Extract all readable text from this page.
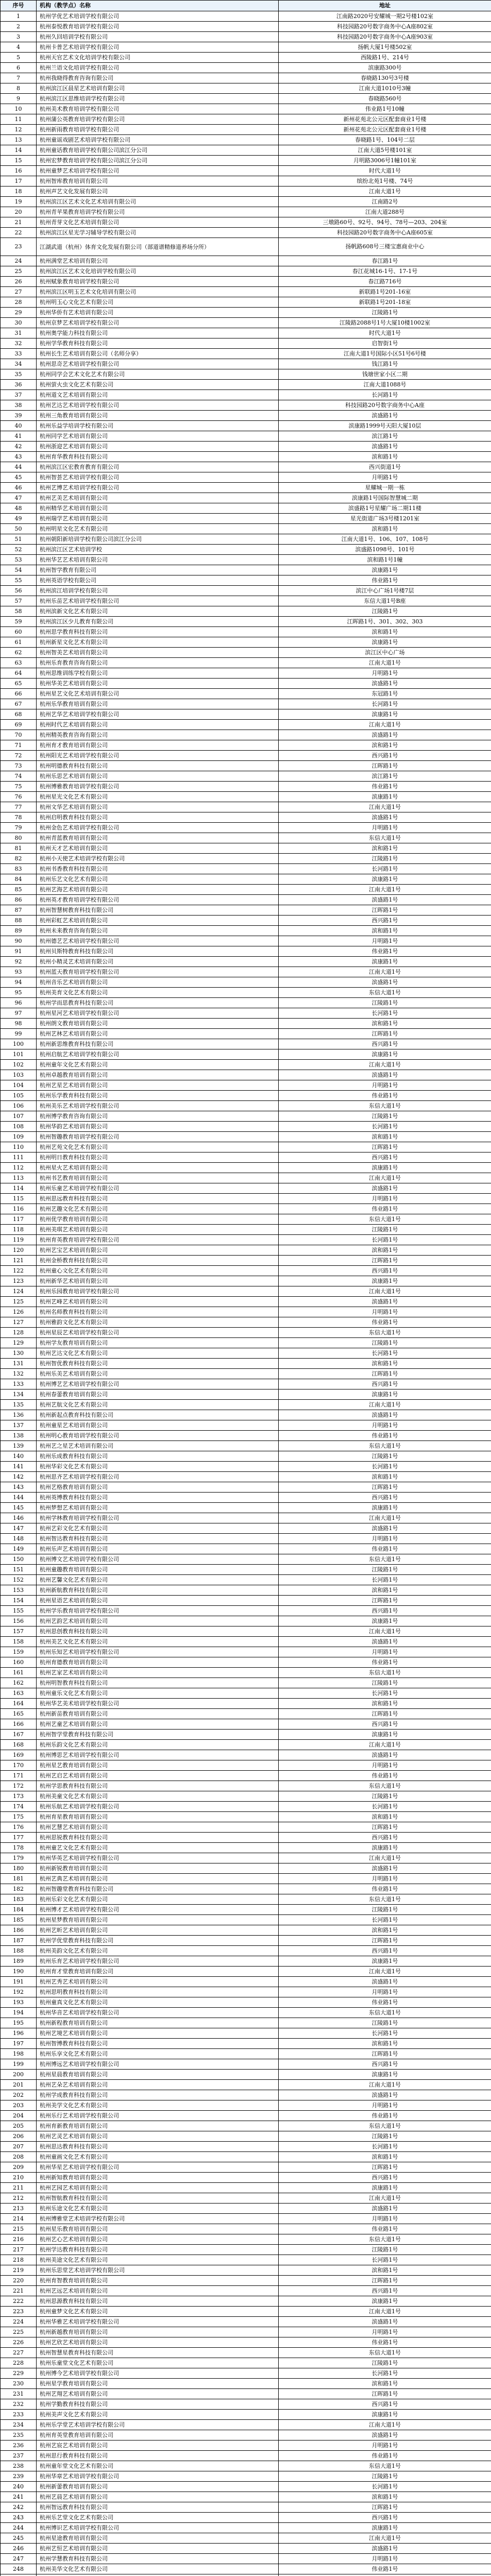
序号	机构（教学点）名称	地址
1	杭州学优艺术培训学校有限公司	江南路2020号安耀城一期2号楼102室
2	杭州泰悦教育培训学校有限公司	科技园路20号数字商务中心A座802室
3	杭州久回培训学校有限公司	科技园路20号数字商务中心A座903室
4	杭州卡普艺术培训学校有限公司	扬帆大厦1号楼502室
5	杭州天官艺术文化培训学校有限公司	西陵路1号、214号
6	杭州兰语文化培训学校有限公司	滨康路300号
7	杭州我晓得教育咨询有限公司	春晓路130号3号楼
8	杭州滨江区晨星艺术培训有限公司	江南大道1010号3幢
9	杭州滨江区思维培训学校有限公司	春晓路560号
10	杭州美术教育培训学校有限公司	伟业路1号10幢
11	杭州蒲公英教育培训学校有限公司	新州花苑北公元区配套商业1号楼
12	杭州新雨教育培训学校有限公司	新州花苑北公元区配套商业1号楼
13	杭州童谣戏剧艺术培训学校有限公司	春晓路1号、104号二层
14	杭州童话教育培训学校有限公司滨江分公司	江南大道5号楼101室
15	杭州宏梦教育培训学校有限公司滨江分公司	月明路3006号1幢101室
16	杭州童梦艺术培训学校有限公司	时代大道1号
17	杭州智库教育培训有限公司	缤纷北苑1号楼、74号
18	杭州声艺文化发展有限公司	江南大道1号
19	杭州滨江区艺术文化艺术培训有限公司	江南路2号
20	杭州青苹果教育培训学校有限公司	江南大道288号
21	杭州青芽文化艺术培训有限公司	三墩路60号、92号、94号、78号—203、204室
22	杭州滨江区星光学习辅导学校有限公司	科技园路20号数字商务中心A座605室
23	江湖武道（杭州）体育文化发展有限公司（部道谱精修道养场分所）	扬帆路608号三楼宝惠商业中心
24	杭州满堂艺术培训有限公司	春江路1号
25	杭州滨江区艺术文化培训学校有限公司	春江花城16-1号、17-1号
26	杭州赋象教育培训学校有限公司	春江路716号
27	杭州滨江区明玉艺术文化培训有限公司	新联路1号201-16室
28	杭州明玉心文化艺术有限公司	新联路1号201-18室
29	杭州华侨有艺术培训有限公司	江陵路1号
30	杭州京梦艺术培训学校有限公司	江陵路2088号1号大厦10楼1002室
31	杭州奥学能力科技有限公司	时代大道1号
32	杭州学华教育科技有限公司	启智街1号
33	杭州长生艺术培训有限公司（名师分享）	江南大道1号国际小区51号6号楼
34	杭州思奇艺术培训学校有限公司	钱江路1号
35	杭州同学会艺术文化艺术有限公司	钱塘世家小区二期
36	杭州萤火虫文化艺术有限公司	江南大道1088号
37	杭州道文艺术培训有限公司	长河路1号
38	杭州艺达艺术培训学校有限公司	科技园路20号数字商务中心A座
39	杭州三角教育培训有限公司	滨盛路1号
40	杭州乐益学培训学校有限公司	滨康路1999号天阳大厦10层
41	杭州同学艺术培训有限公司	滨江路1号
42	杭州浙迎艺术培训有限公司	滨盛路1号
43	杭州育华教育科技有限公司	滨和路1号
44	杭州滨江区宏教育教育有限公司	西兴街道1号
45	杭州智荟艺术培训学校有限公司	月明路1号
46	杭州艺博艺术培训学校有限公司	星耀城一期一栋
47	杭州艺美艺术培训有限公司	滨康路1号国际智慧城二期
48	杭州精华艺术培训有限公司	滨盛路1号星耀广场二期11楼
49	杭州瑞学艺术培训有限公司	星光街道广场3号楼1201室
50	杭州明星文化艺术有限公司	滨和路1号
51	杭州朝阳新培训学校有限公司滨江分公司	江南大道1号、106、107、108号
52	杭州滨江区艺术培训学校	滨盛路1098号、101号
53	杭州华艺艺术培训有限公司	滨和路1号1幢
54	杭州智学教育有限公司	滨康路1号
55	杭州英语学校有限公司	伟业路1号
56	杭州滨江培训学校有限公司	滨江中心广场1号楼7层
57	杭州乐苗艺术培训学校有限公司	东信大道1号B座
58	杭州滨新文化艺术有限公司	江陵路1号
59	杭州滨江区少儿教育有限公司	江晖路1号、301、302、303
60	杭州思学教育科技有限公司	滨和路1号
61	杭州新星文化艺术有限公司	滨康路1号
62	杭州智美艺术培训有限公司	滨江区中心广场
63	杭州乐育教育咨询有限公司	江南大道1号
64	杭州思维训练学校有限公司	月明路1号
65	杭州华美艺术培训有限公司	滨盛路1号
66	杭州星艺文化艺术培训有限公司	东冠路1号
67	杭州乐华教育培训有限公司	长河路1号
68	杭州艺华艺术培训学校有限公司	滨康路1号
69	杭州时代艺术培训有限公司	江南大道1号
70	杭州精英教育咨询有限公司	滨盛路1号
71	杭州育才教育培训有限公司	滨和路1号
72	杭州阳光艺术培训学校有限公司	西兴路1号
73	杭州明德教育科技有限公司	江晖路1号
74	杭州乐思艺术培训有限公司	滨江路1号
75	杭州博雅教育培训学校有限公司	伟业路1号
76	杭州星光文化艺术有限公司	滨康路1号
77	杭州文华艺术培训有限公司	江南大道1号
78	杭州启明教育科技有限公司	滨盛路1号
79	杭州金色艺术培训学校有限公司	月明路1号
80	杭州青蓝教育培训有限公司	东信大道1号
81	杭州天才艺术培训有限公司	滨和路1号
82	杭州小天使艺术培训学校有限公司	江陵路1号
83	杭州书香教育科技有限公司	长河路1号
84	杭州乐艺文化艺术有限公司	滨康路1号
85	杭州艺海艺术培训有限公司	江南大道1号
86	杭州英才教育培训学校有限公司	滨盛路1号
87	杭州智慧树教育科技有限公司	江晖路1号
88	杭州彩虹艺术培训有限公司	西兴路1号
89	杭州未来教育咨询有限公司	滨和路1号
90	杭州德艺艺术培训学校有限公司	月明路1号
91	杭州贝斯特教育科技有限公司	伟业路1号
92	杭州小精灵艺术培训有限公司	滨康路1号
93	杭州蓝天教育培训学校有限公司	江南大道1号
94	杭州音乐艺术培训有限公司	滨盛路1号
95	杭州美育文化艺术有限公司	东信大道1号
96	杭州学而思教育科技有限公司	江陵路1号
97	杭州星河艺术培训学校有限公司	长河路1号
98	杭州朗文教育培训有限公司	滨和路1号
99	杭州艺林艺术培训有限公司	江晖路1号
100	杭州新思维教育科技有限公司	西兴路1号
101	杭州启航艺术培训学校有限公司	滨康路1号
102	杭州童年文化艺术有限公司	江南大道1号
103	杭州卓越教育培训有限公司	滨盛路1号
104	杭州艺星艺术培训有限公司	月明路1号
105	杭州乐学教育科技有限公司	伟业路1号
106	杭州美乐艺术培训学校有限公司	东信大道1号
107	杭州博学教育咨询有限公司	江陵路1号
108	杭州华韵艺术培训有限公司	长河路1号
109	杭州智趣教育培训学校有限公司	滨和路1号
110	杭州艺苑文化艺术有限公司	江晖路1号
111	杭州明日教育科技有限公司	西兴路1号
112	杭州星火艺术培训有限公司	滨康路1号
113	杭州书艺教育培训有限公司	江南大道1号
114	杭州乐童艺术培训学校有限公司	滨盛路1号
115	杭州思远教育科技有限公司	月明路1号
116	杭州艺趣文化艺术有限公司	伟业路1号
117	杭州优学教育培训有限公司	东信大道1号
118	杭州美琪艺术培训有限公司	江陵路1号
119	杭州育英教育培训学校有限公司	长河路1号
120	杭州艺宝艺术培训有限公司	滨和路1号
121	杭州金桥教育科技有限公司	江晖路1号
122	杭州童心文化艺术有限公司	西兴路1号
123	杭州新华艺术培训有限公司	滨康路1号
124	杭州乐园教育培训学校有限公司	江南大道1号
125	杭州艺峰艺术培训有限公司	滨盛路1号
126	杭州名师教育科技有限公司	月明路1号
127	杭州雅韵文化艺术有限公司	伟业路1号
128	杭州星辰艺术培训学校有限公司	东信大道1号
129	杭州学友教育培训有限公司	江陵路1号
130	杭州艺达文化艺术有限公司	长河路1号
131	杭州智优教育科技有限公司	滨和路1号
132	杭州乐美艺术培训有限公司	江晖路1号
133	杭州博艺艺术培训学校有限公司	西兴路1号
134	杭州春蕾教育培训有限公司	滨康路1号
135	杭州艺航文化艺术有限公司	江南大道1号
136	杭州新起点教育科技有限公司	滨盛路1号
137	杭州童星艺术培训有限公司	月明路1号
138	杭州明心教育培训学校有限公司	伟业路1号
139	杭州艺之星艺术培训有限公司	东信大道1号
140	杭州乐成教育科技有限公司	江陵路1号
141	杭州华彩文化艺术有限公司	长河路1号
142	杭州思齐艺术培训学校有限公司	滨和路1号
143	杭州艺格教育培训有限公司	江晖路1号
144	杭州英博教育科技有限公司	西兴路1号
145	杭州梦想艺术培训有限公司	滨康路1号
146	杭州学林教育培训学校有限公司	江南大道1号
147	杭州艺彩文化艺术有限公司	滨盛路1号
148	杭州智达教育科技有限公司	月明路1号
149	杭州乐声艺术培训有限公司	伟业路1号
150	杭州博文艺术培训学校有限公司	东信大道1号
151	杭州童趣教育培训有限公司	江陵路1号
152	杭州艺馨文化艺术有限公司	长河路1号
153	杭州新航教育科技有限公司	滨和路1号
154	杭州星语艺术培训有限公司	江晖路1号
155	杭州学乐教育培训学校有限公司	西兴路1号
156	杭州艺韵艺术培训有限公司	滨康路1号
157	杭州思创教育科技有限公司	江南大道1号
158	杭州美艺文化艺术有限公司	滨盛路1号
159	杭州乐知艺术培训学校有限公司	月明路1号
160	杭州育德教育培训有限公司	伟业路1号
161	杭州艺家艺术培训有限公司	东信大道1号
162	杭州明智教育科技有限公司	江陵路1号
163	杭州童乐文化艺术有限公司	长河路1号
164	杭州华艺美术培训学校有限公司	滨和路1号
165	杭州新苗教育培训有限公司	江晖路1号
166	杭州艺童艺术培训有限公司	西兴路1号
167	杭州智学堂教育科技有限公司	滨康路1号
168	杭州乐韵文化艺术有限公司	江南大道1号
169	杭州博思艺术培训学校有限公司	滨盛路1号
170	杭州星艺教育培训有限公司	月明路1号
171	杭州艺启艺术培训有限公司	伟业路1号
172	杭州学思教育科技有限公司	东信大道1号
173	杭州美童文化艺术有限公司	江陵路1号
174	杭州乐航艺术培训学校有限公司	长河路1号
175	杭州育星教育培训有限公司	滨和路1号
176	杭州艺慧艺术培训有限公司	江晖路1号
177	杭州思锐教育科技有限公司	西兴路1号
178	杭州童艺文化艺术有限公司	滨康路1号
179	杭州华英艺术培训学校有限公司	江南大道1号
180	杭州新锐教育培训有限公司	滨盛路1号
181	杭州艺典艺术培训有限公司	月明路1号
182	杭州智趣堂教育科技有限公司	伟业路1号
183	杭州乐彩文化艺术有限公司	东信大道1号
184	杭州博才艺术培训学校有限公司	江陵路1号
185	杭州星梦教育培训有限公司	长河路1号
186	杭州艺昕艺术培训有限公司	滨和路1号
187	杭州学优堂教育科技有限公司	江晖路1号
188	杭州美韵文化艺术有限公司	西兴路1号
189	杭州乐育艺术培训学校有限公司	滨康路1号
190	杭州育才堂教育培训有限公司	江南大道1号
191	杭州艺秀艺术培训有限公司	滨盛路1号
192	杭州思明教育科技有限公司	月明路1号
193	杭州童真文化艺术有限公司	伟业路1号
194	杭州华音艺术培训学校有限公司	东信大道1号
195	杭州新程教育培训有限公司	江陵路1号
196	杭州艺境艺术培训有限公司	长河路1号
197	杭州智博教育科技有限公司	滨和路1号
198	杭州乐享文化艺术有限公司	江晖路1号
199	杭州博远艺术培训学校有限公司	西兴路1号
200	杭州星晨教育培训有限公司	滨康路1号
201	杭州艺朵艺术培训有限公司	江南大道1号
202	杭州学成教育科技有限公司	滨盛路1号
203	杭州美学文化艺术有限公司	月明路1号
204	杭州乐行艺术培训学校有限公司	伟业路1号
205	杭州育新教育培训有限公司	东信大道1号
206	杭州艺灵艺术培训有限公司	江陵路1号
207	杭州思达教育科技有限公司	长河路1号
208	杭州童画文化艺术有限公司	滨和路1号
209	杭州华星艺术培训学校有限公司	江晖路1号
210	杭州新知教育培训有限公司	西兴路1号
211	杭州艺园艺术培训有限公司	滨康路1号
212	杭州智航教育科技有限公司	江南大道1号
213	杭州乐途文化艺术有限公司	滨盛路1号
214	杭州博雅堂艺术培训学校有限公司	月明路1号
215	杭州星乐教育培训有限公司	伟业路1号
216	杭州艺心艺术培训有限公司	东信大道1号
217	杭州学达教育科技有限公司	江陵路1号
218	杭州美途文化艺术有限公司	长河路1号
219	杭州乐思堂艺术培训学校有限公司	滨和路1号
220	杭州育智教育培训有限公司	江晖路1号
221	杭州艺远艺术培训有限公司	西兴路1号
222	杭州思源教育科技有限公司	滨康路1号
223	杭州童梦文化艺术有限公司	江南大道1号
224	杭州华雅艺术培训学校有限公司	滨盛路1号
225	杭州新越教育培训有限公司	月明路1号
226	杭州艺欣艺术培训有限公司	伟业路1号
227	杭州智慧星教育科技有限公司	东信大道1号
228	杭州乐童堂文化艺术有限公司	江陵路1号
229	杭州博今艺术培训学校有限公司	长河路1号
230	杭州星学教育培训有限公司	滨和路1号
231	杭州艺翔艺术培训有限公司	江晖路1号
232	杭州学勤教育科技有限公司	西兴路1号
233	杭州美声文化艺术有限公司	滨康路1号
234	杭州乐学堂艺术培训学校有限公司	江南大道1号
235	杭州育英堂教育培训有限公司	滨盛路1号
236	杭州艺宸艺术培训有限公司	月明路1号
237	杭州思行教育科技有限公司	伟业路1号
238	杭州童年堂文化艺术有限公司	东信大道1号
239	杭州华章艺术培训学校有限公司	江陵路1号
240	杭州新蕾教育培训有限公司	长河路1号
241	杭州艺晨艺术培训有限公司	滨和路1号
242	杭州智远教育科技有限公司	江晖路1号
243	杭州乐艺堂文化艺术有限公司	西兴路1号
244	杭州博识艺术培训学校有限公司	滨康路1号
245	杭州星途教育培训有限公司	江南大道1号
246	杭州艺恒艺术培训有限公司	滨盛路1号
247	杭州学慧教育科技有限公司	月明路1号
248	杭州美华文化艺术有限公司	伟业路1号
